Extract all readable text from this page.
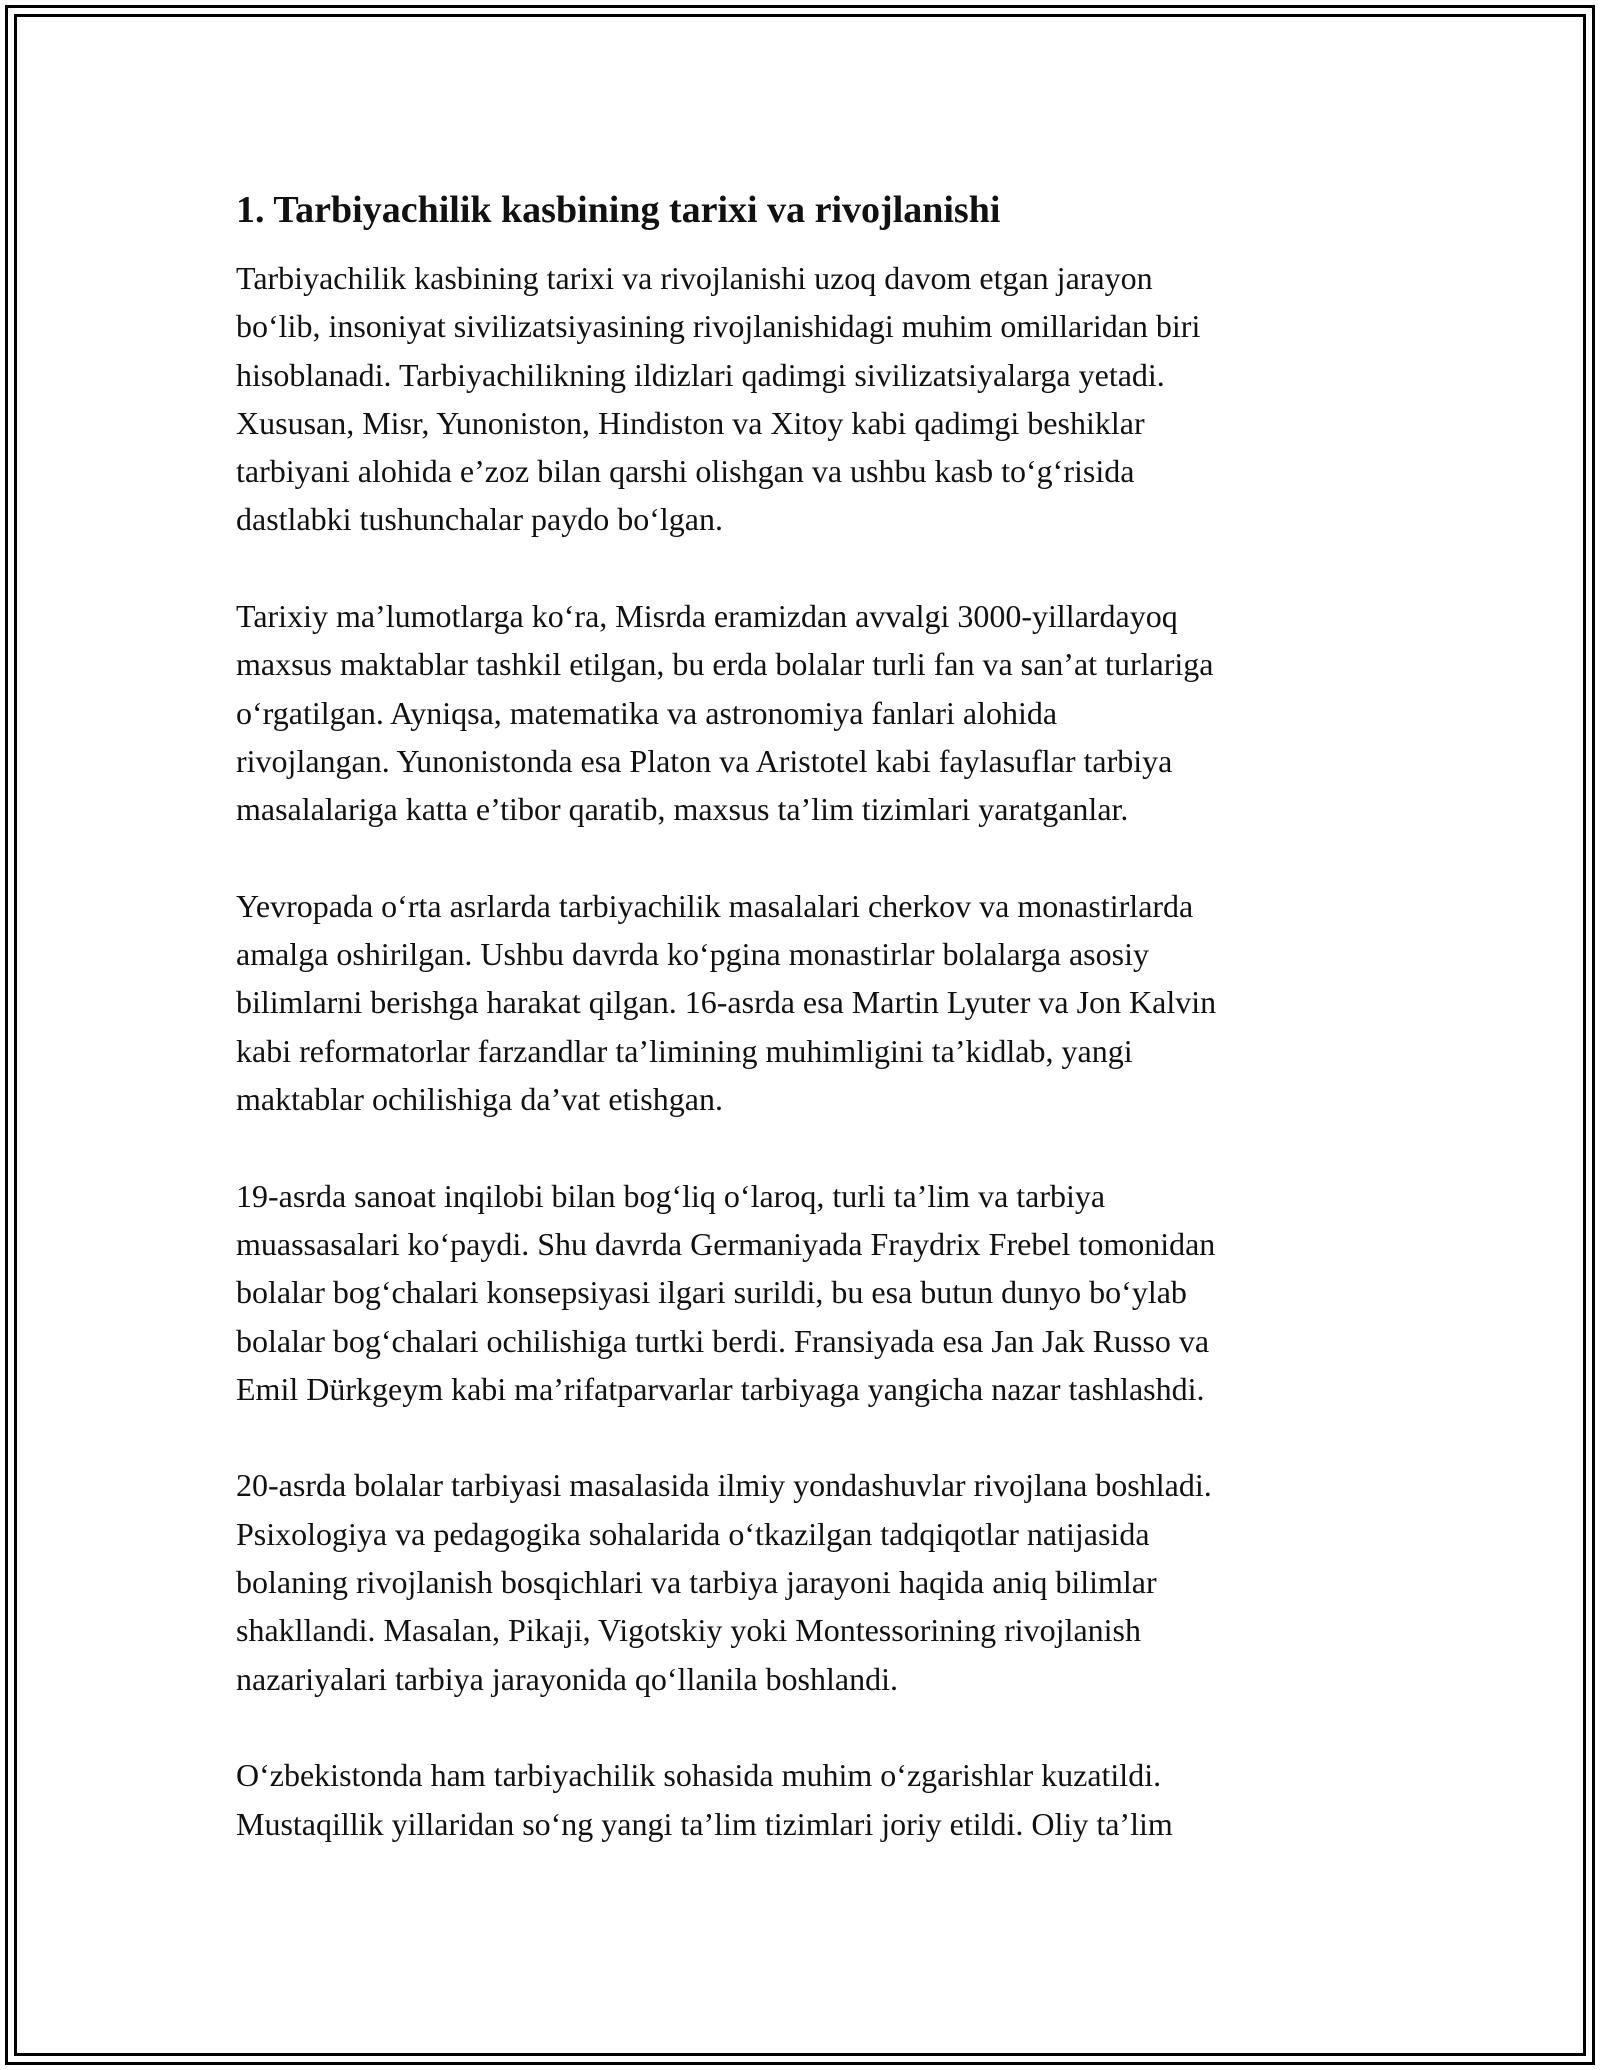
1. Tarbiyachilik kasbining tarixi va rivojlanishi

Tarbiyachilik kasbining tarixi va rivojlanishi uzoq davom etgan jarayon
bo‘lib, insoniyat sivilizatsiyasining rivojlanishidagi muhim omillaridan biri
hisoblanadi. Tarbiyachilikning ildizlari qadimgi sivilizatsiyalarga yetadi.
Xususan, Misr, Yunoniston, Hindiston va Xitoy kabi qadimgi beshiklar
tarbiyani alohida e’zoz bilan qarshi olishgan va ushbu kasb to‘g‘risida
dastlabki tushunchalar paydo bo‘lgan.

Tarixiy ma’lumotlarga ko‘ra, Misrda eramizdan avvalgi 3000-yillardayoq
maxsus maktablar tashkil etilgan, bu erda bolalar turli fan va san’at turlariga
o‘rgatilgan. Ayniqsa, matematika va astronomiya fanlari alohida
rivojlangan. Yunonistonda esa Platon va Aristotel kabi faylasuflar tarbiya
masalalariga katta e’tibor qaratib, maxsus ta’lim tizimlari yaratganlar.

Yevropada o‘rta asrlarda tarbiyachilik masalalari cherkov va monastirlarda
amalga oshirilgan. Ushbu davrda ko‘pgina monastirlar bolalarga asosiy
bilimlarni berishga harakat qilgan. 16-asrda esa Martin Lyuter va Jon Kalvin
kabi reformatorlar farzandlar ta’limining muhimligini ta’kidlab, yangi
maktablar ochilishiga da’vat etishgan.

19-asrda sanoat inqilobi bilan bog‘liq o‘laroq, turli ta’lim va tarbiya
muassasalari ko‘paydi. Shu davrda Germaniyada Fraydrix Frebel tomonidan
bolalar bog‘chalari konsepsiyasi ilgari surildi, bu esa butun dunyo bo‘ylab
bolalar bog‘chalari ochilishiga turtki berdi. Fransiyada esa Jan Jak Russo va
Emil Dürkgeym kabi ma’rifatparvarlar tarbiyaga yangicha nazar tashlashdi.

20-asrda bolalar tarbiyasi masalasida ilmiy yondashuvlar rivojlana boshladi.
Psixologiya va pedagogika sohalarida o‘tkazilgan tadqiqotlar natijasida
bolaning rivojlanish bosqichlari va tarbiya jarayoni haqida aniq bilimlar
shakllandi. Masalan, Pikaji, Vigotskiy yoki Montessorining rivojlanish
nazariyalari tarbiya jarayonida qo‘llanila boshlandi.

O‘zbekistonda ham tarbiyachilik sohasida muhim o‘zgarishlar kuzatildi.
Mustaqillik yillaridan so‘ng yangi ta’lim tizimlari joriy etildi. Oliy ta’lim
